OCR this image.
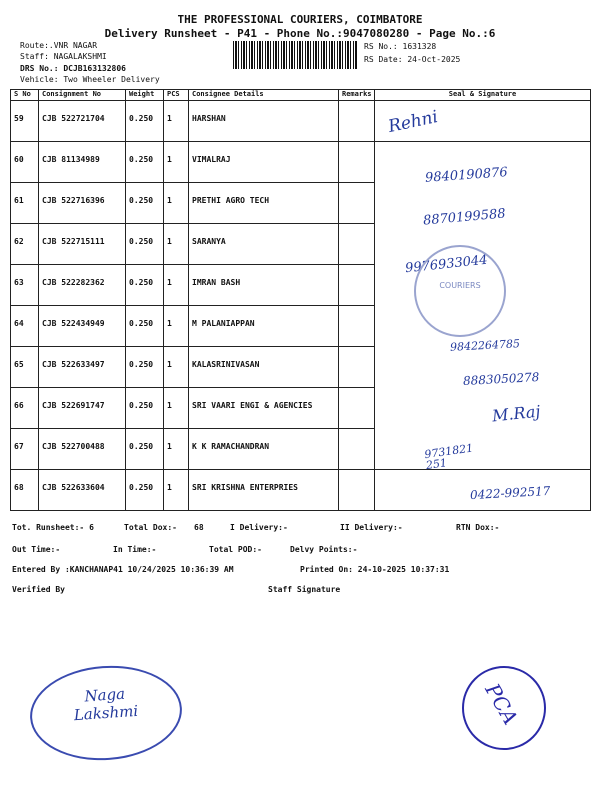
THE PROFESSIONAL COURIERS, COIMBATORE
Delivery Runsheet - P41 - Phone No.:9047080280 - Page No.:6
Route:.VNR NAGAR
Staff: NAGALAKSHMI
DRS No.: DCJB163132806
Vehicle: Two Wheeler Delivery
RS No.: 1631328
RS Date: 24-Oct-2025
S No	Consignment No	Weight	PCS	Consignee Details	Remarks	Seal & Signature
59	CJB 522721704	0.250	1	HARSHAN		
60	CJB 81134989	0.250	1	VIMALRAJ		
61	CJB 522716396	0.250	1	PRETHI AGRO TECH		
62	CJB 522715111	0.250	1	SARANYA		
63	CJB 522282362	0.250	1	IMRAN BASH		
64	CJB 522434949	0.250	1	M PALANIAPPAN		
65	CJB 522633497	0.250	1	KALASRINIVASAN		
66	CJB 522691747	0.250	1	SRI VAARI ENGI & AGENCIES		
67	CJB 522700488	0.250	1	K K RAMACHANDRAN		
68	CJB 522633604	0.250	1	SRI KRISHNA ENTERPRIES		
Rehni
9840190876
8870199588
9976933044
9842264785
8883050278
M.Raj
9731821 251
0422-992517
COURIERS
Tot. Runsheet:- 6	Total Dox:- 68	I Delivery:-	II Delivery:-	RTN Dox:-
Out Time:-	In Time:-	Total POD:-	Delvy Points:-
Entered By :KANCHANAP41 10/24/2025 10:36:39 AM	Printed On: 24-10-2025 10:37:31
Verified By	Staff Signature
Naga Lakshmi	PCA
